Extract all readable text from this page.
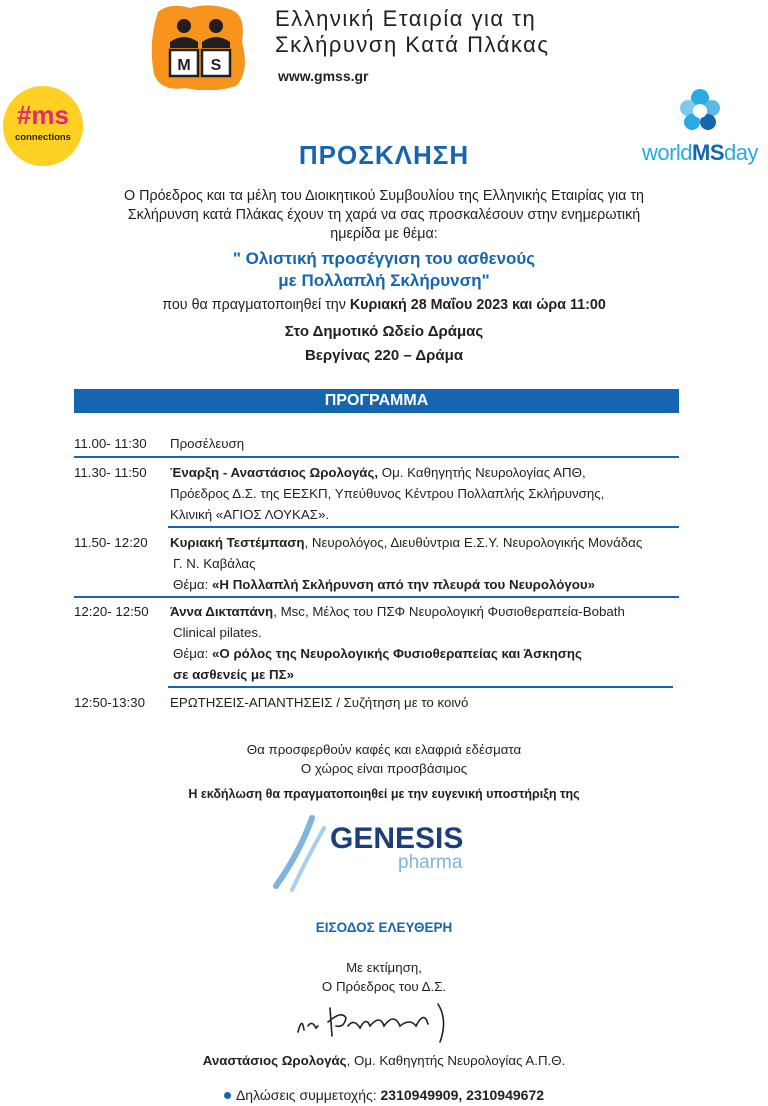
M S
Ελληνική Εταιρία για τη
Σκλήρυνση Κατά Πλάκας
www.gmss.gr
#ms
connections
worldMSday
ΠΡΟΣΚΛΗΣΗ
Ο Πρόεδρος και τα μέλη του Διοικητικού Συμβουλίου της Ελληνικής Εταιρίας για τη
Σκλήρυνση κατά Πλάκας έχουν τη χαρά να σας προσκαλέσουν στην ενημερωτική
ημερίδα με θέμα:
" Ολιστική προσέγγιση του ασθενούς
με Πολλαπλή Σκλήρυνση"
που θα πραγματοποιηθεί την Κυριακή 28 Μαΐου 2023 και ώρα 11:00
Στο Δημοτικό Ωδείο Δράμας
Βεργίνας 220 – Δράμα
ΠΡΟΓΡΑΜΜΑ
11.00- 11:30	Προσέλευση
11.30- 11:50	Έναρξη - Αναστάσιος Ωρολογάς, Ομ. Καθηγητής Νευρολογίας ΑΠΘ,
Πρόεδρος Δ.Σ. της ΕΕΣΚΠ, Υπεύθυνος Κέντρου Πολλαπλής Σκλήρυνσης,
Κλινική «ΑΓΙΟΣ ΛΟΥΚΑΣ».
11.50- 12:20	Κυριακή Τεστέμπαση, Νευρολόγος, Διευθύντρια Ε.Σ.Υ. Νευρολογικής Μονάδας
Γ. Ν. Καβάλας
Θέμα: «Η Πολλαπλή Σκλήρυνση από την πλευρά του Νευρολόγου»
12:20- 12:50	Άννα Δικταπάνη, Msc, Μέλος του ΠΣΦ Νευρολογική Φυσιοθεραπεία-Bobath
Clinical pilates.
Θέμα: «Ο ρόλος της Νευρολογικής Φυσιοθεραπείας και Άσκησης
σε ασθενείς με ΠΣ»
12:50-13:30	ΕΡΩΤΗΣΕΙΣ-ΑΠΑΝΤΗΣΕΙΣ / Συζήτηση με το κοινό
Θα προσφερθούν καφές και ελαφριά εδέσματα
Ο χώρος είναι προσβάσιμος
Η εκδήλωση θα πραγματοποιηθεί με την ευγενική υποστήριξη της
GENESIS
pharma
ΕΙΣΟΔΟΣ ΕΛΕΥΘΕΡΗ
Με εκτίμηση,
Ο Πρόεδρος του Δ.Σ.
Αναστάσιος Ωρολογάς, Ομ. Καθηγητής Νευρολογίας Α.Π.Θ.
Δηλώσεις συμμετοχής: 2310949909, 2310949672
